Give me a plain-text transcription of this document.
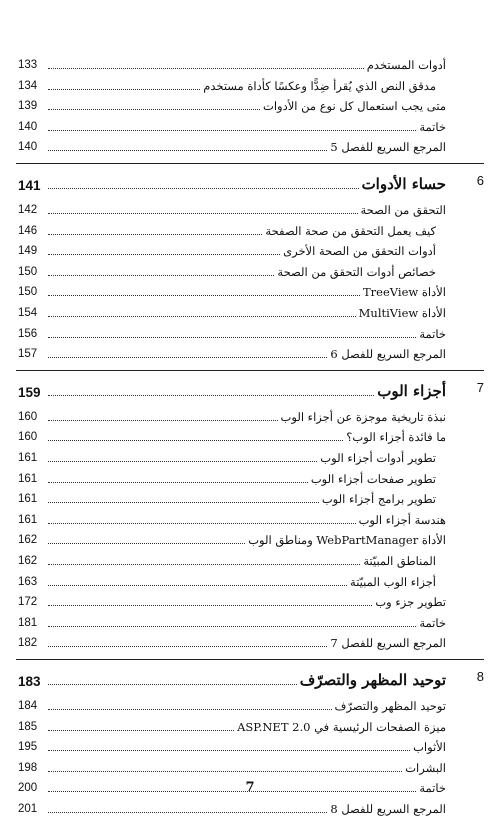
133	أدوات المستخدم
134	مدقق النص الذي يُقرأ ضِدًّا وعكسًا كأداة مستخدم
139	متى يجب استعمال كل نوع من الأدوات
140	خاتمة
140	المرجع السريع للفصل 5
141	حساء الأدوات	6
142	التحقق من الصحة
146	كيف يعمل التحقق من صحة الصفحة
149	أدوات التحقق من الصحة الأخرى
150	خصائص أدوات التحقق من الصحة
150	الأداة TreeView
154	الأداة MultiView
156	خاتمة
157	المرجع السريع للفصل 6
159	أجزاء الوب	7
160	نبذة تاريخية موجزة عن أجزاء الوب
160	ما فائدة أجزاء الوب؟
161	تطوير أدوات أجزاء الوب
161	تطوير صفحات أجزاء الوب
161	تطوير برامج أجزاء الوب
161	هندسة أجزاء الوب
162	الأداة WebPartManager ومناطق الوب
162	المناطق المبيّتة
163	أجزاء الوب المبيّتة
172	تطوير جزء وب
181	خاتمة
182	المرجع السريع للفصل 7
183	توحيد المظهر والتصرّف	8
184	توحيد المظهر والتصرّف
185	ميزة الصفحات الرئيسية في ASP.NET 2.0
195	الأثواب
198	البشرات
200	خاتمة
201	المرجع السريع للفصل 8
7
